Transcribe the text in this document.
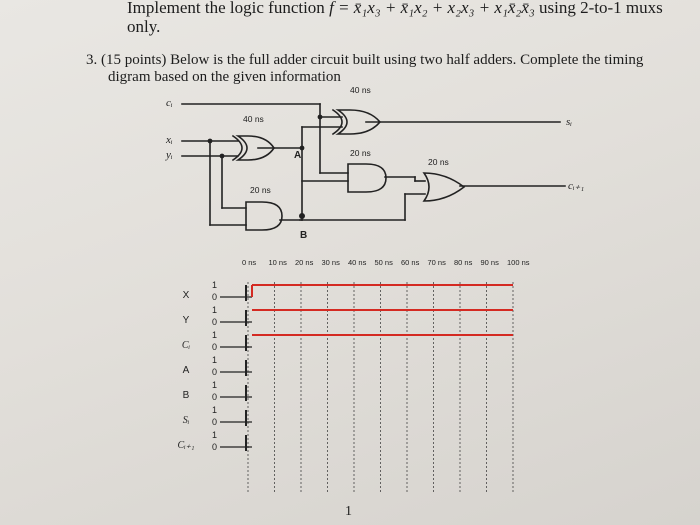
Implement the logic function f = x̄₁x₃ + x̄₁x₂ + x₂x₃ + x₁x̄₂x̄₃ using 2-to-1 muxs
only.
3. (15 points) Below is the full adder circuit built using two half adders. Complete the timing
digram based on the given information
cᵢ
xᵢ
yᵢ
sᵢ
cᵢ₊₁
40 ns
40 ns
20 ns
20 ns
20 ns
A
B
0 ns 10 ns 20 ns 30 ns 40 ns 50 ns 60 ns 70 ns 80 ns 90 ns 100 ns
X
1
0
Y
1
0
Cᵢ
1
0
A
1
0
B
1
0
Sᵢ
1
0
Cᵢ₊₁
1
0
1
